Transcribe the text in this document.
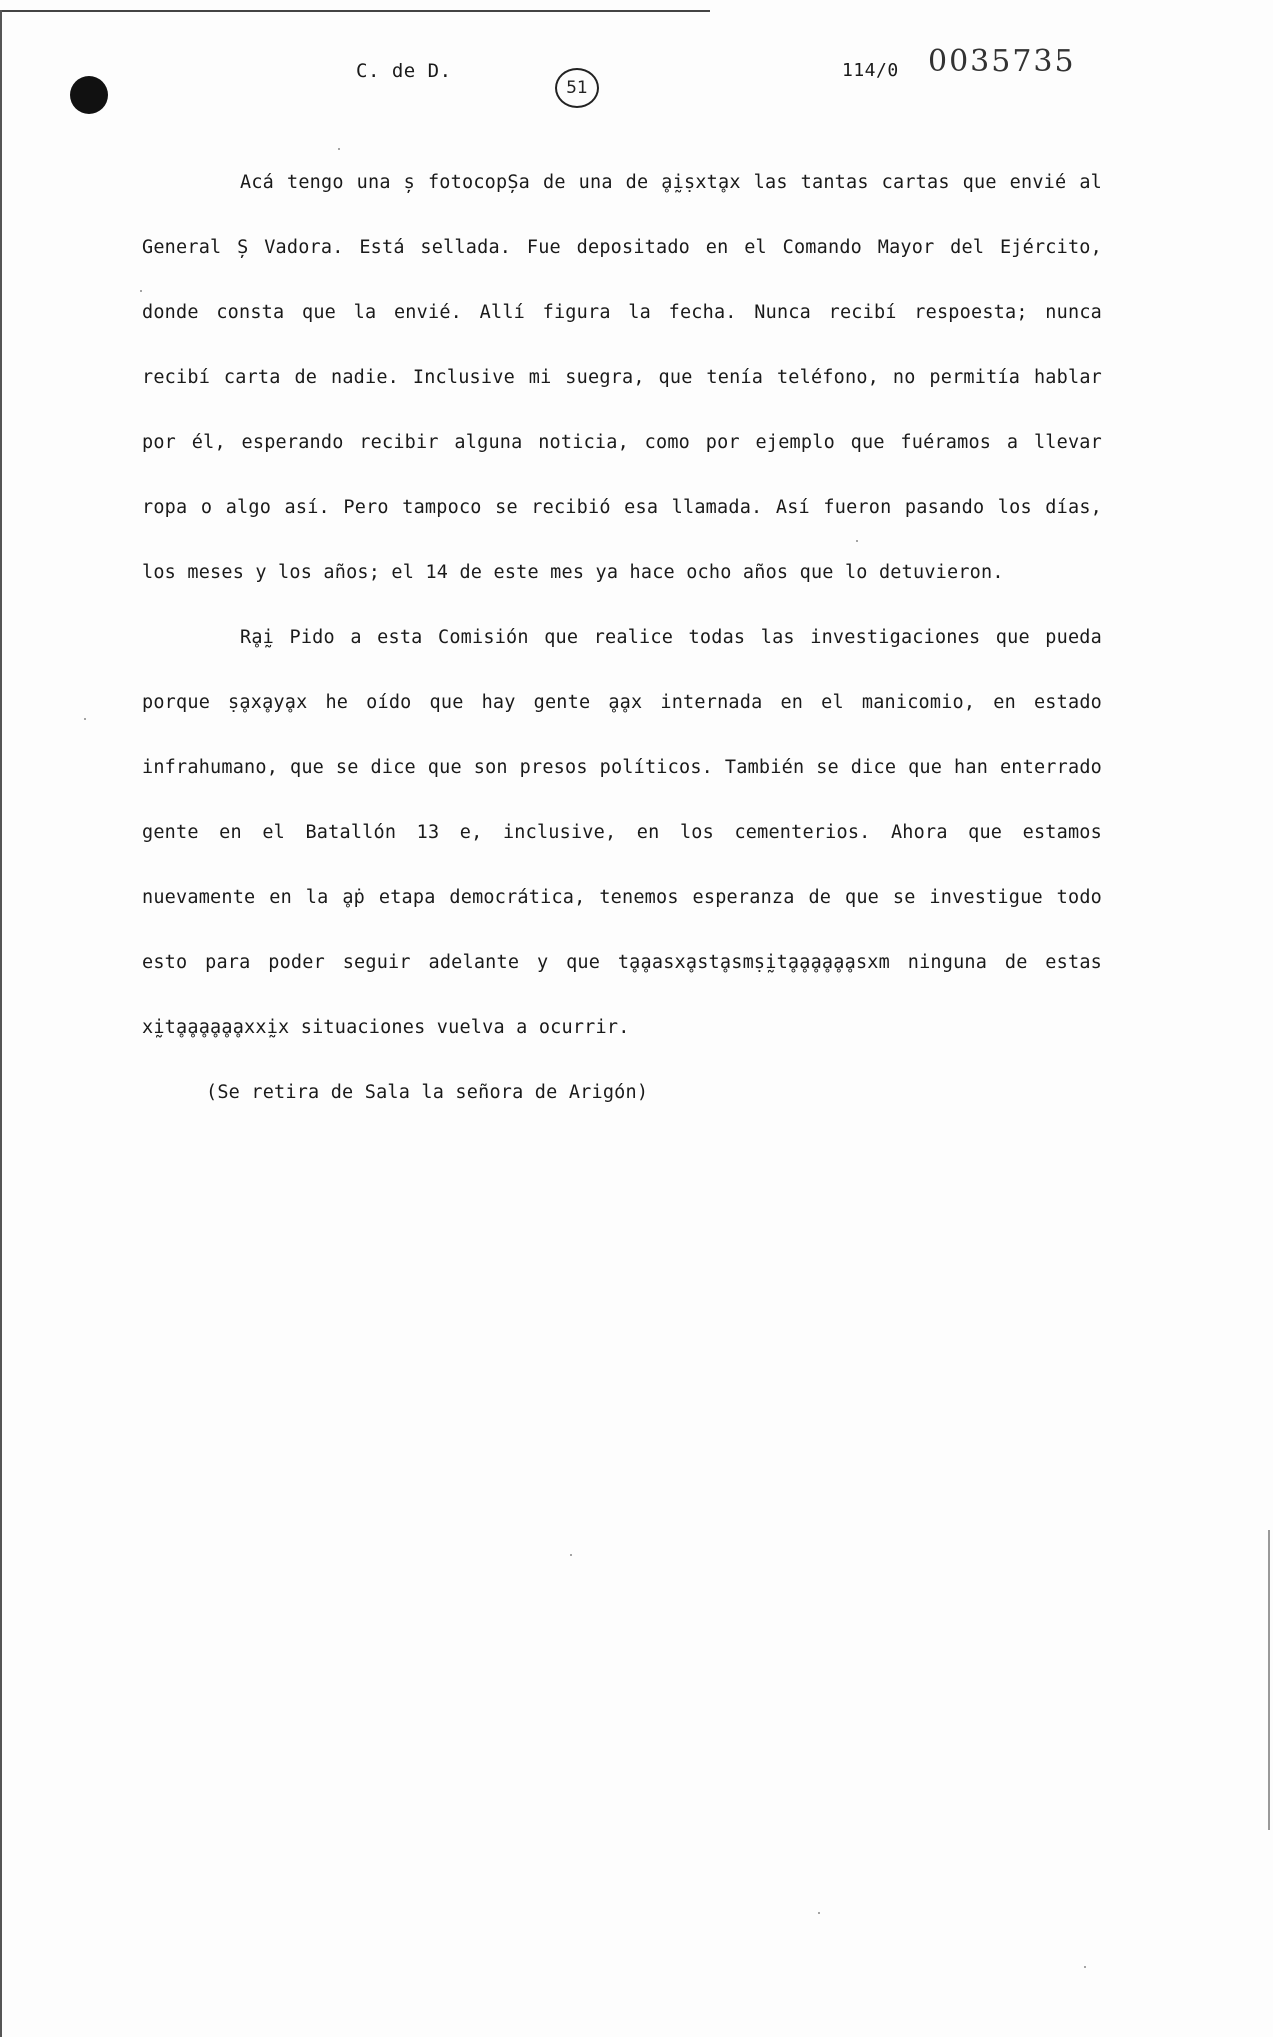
C. de D.
51
114/0 0035735

Acá tengo una ș fotocopȘa de una de ḁḭṣxtḁx las tantas cartas que envié al General Ș Vadora. Está sellada. Fue depositado en el Comando Mayor del Ejército, donde consta que la envié. Allí figura la fecha. Nunca recibí respoesta; nunca recibí carta de nadie. Inclusive mi suegra, que tenía teléfono, no permitía hablar por él, esperando recibir alguna noticia, como por ejemplo que fuéramos a llevar ropa o algo así. Pero tampoco se recibió esa llamada. Así fueron pasando los días, los meses y los años; el 14 de este mes ya hace ocho años que lo detuvieron.

Rḁḭ Pido a esta Comisión que realice todas las investigaciones que pueda porque ṣḁxḁyḁx he oído que hay gente ḁḁx internada en el manicomio, en estado infrahumano, que se dice que son presos políticos. También se dice que han enterrado gente en el Batallón 13 e, inclusive, en los cementerios. Ahora que estamos nuevamente en la ḁṗ etapa democrática, tenemos esperanza de que se investigue todo esto para poder seguir adelante y que tḁḁasxḁstḁsmṣḭtḁḁḁḁḁḁsxm ninguna de estas xḭtḁḁḁḁḁḁxxḭx situaciones vuelva a ocurrir.

(Se retira de Sala la señora de Arigón)
